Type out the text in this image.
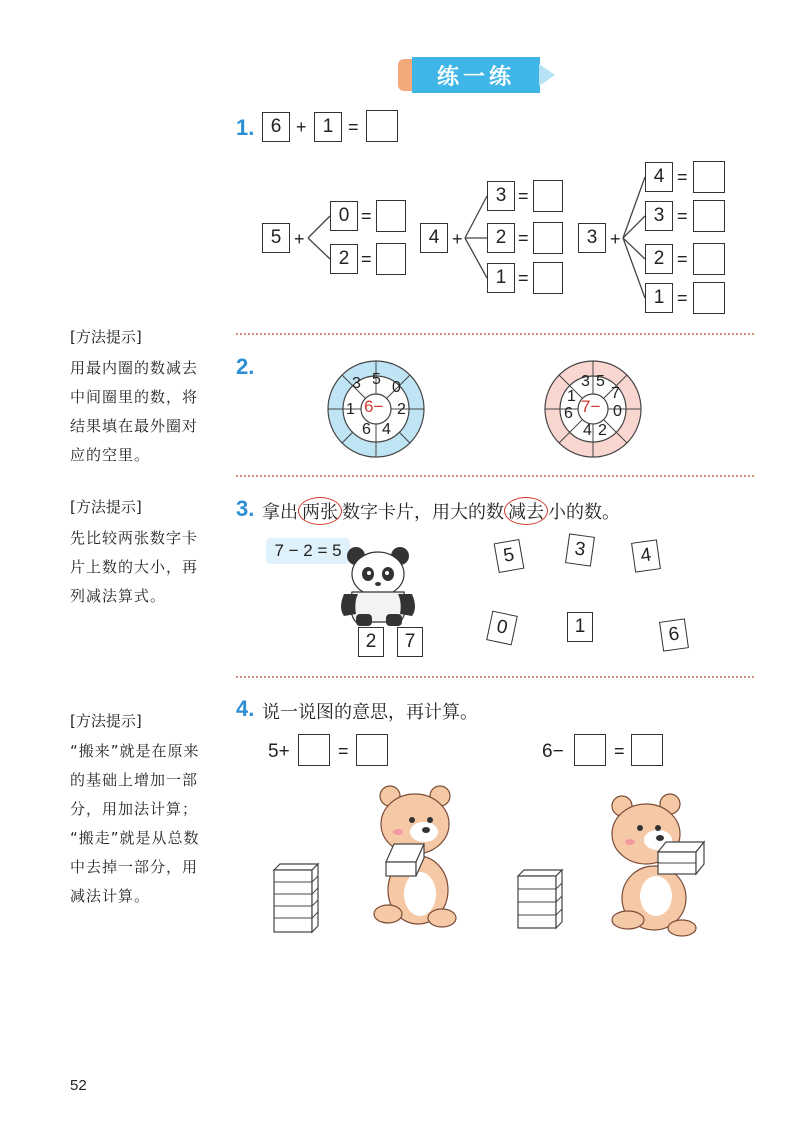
练一练
[方法提示]
用最内圈的数减去
中间圈里的数，将
结果填在最外圈对
应的空里。
[方法提示]
先比较两张数字卡
片上数的大小，再
列减法算式。
[方法提示]
“搬来”就是在原来
的基础上增加一部
分，用加法计算；
“搬走”就是从总数
中去掉一部分，用
减法计算。
1. 6 + 1 =
5 +
0 =
2 =
4 +
3 =
2 =
1 =
3 +
4 =
3 =
2 =
1 =
2.
6−
3 5 0
2
4
6
1	7−
3 5
7
0
2
4
6
1
3. 拿出 两张 数字卡片，用大的数 减去 小的数。
7 − 2 = 5
2	7
5	3	4
0	1	6
4. 说一说图的意思，再计算。
5+	=	6−	=
52
